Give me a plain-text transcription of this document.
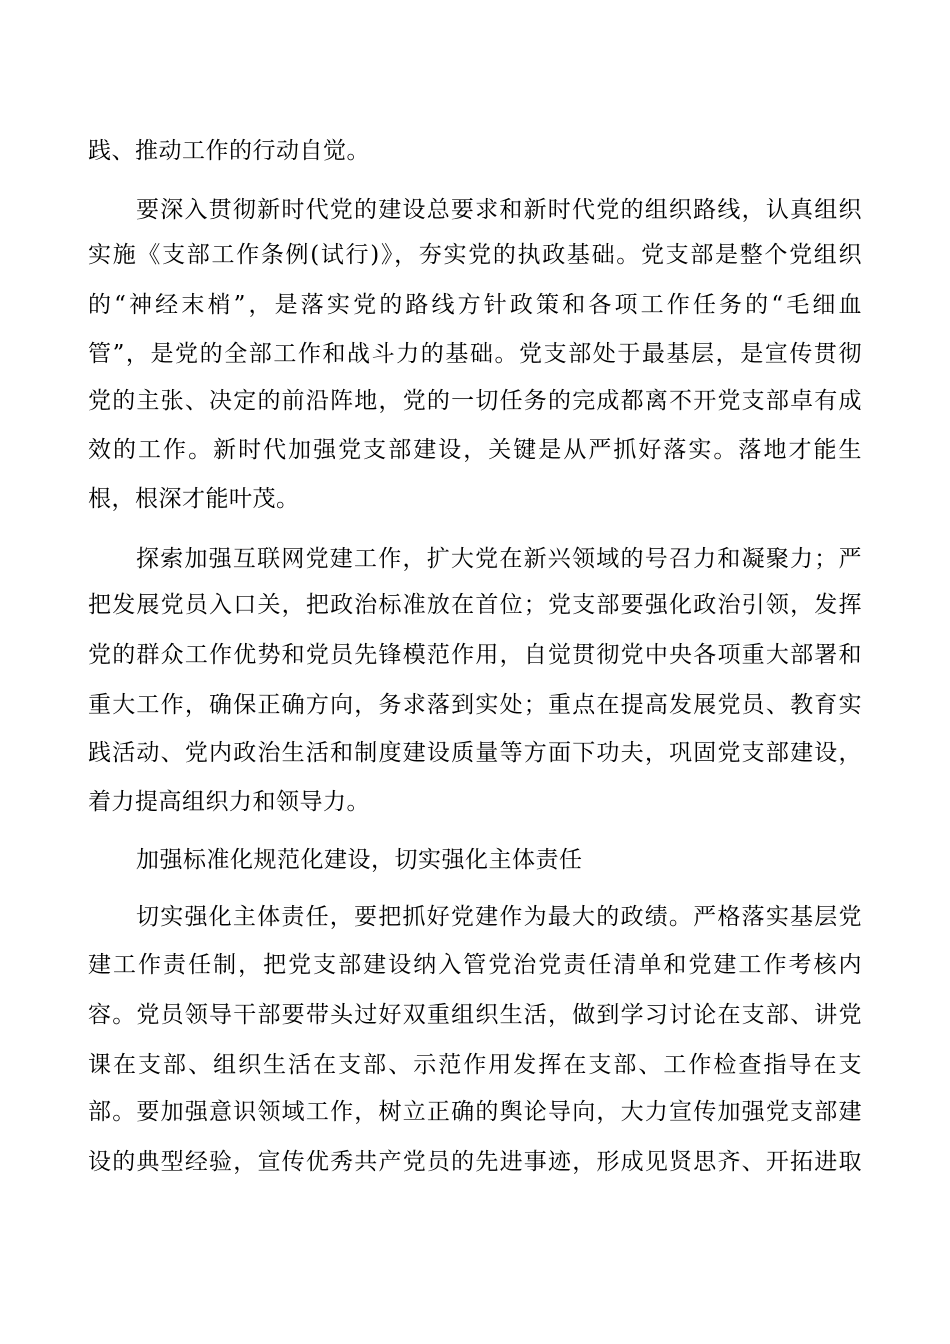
践、推动工作的行动自觉。
要深入贯彻新时代党的建设总要求和新时代党的组织路线，认真组织
实施《支部工作条例(试行)》，夯实党的执政基础。党支部是整个党组织
的“神经末梢”，是落实党的路线方针政策和各项工作任务的“毛细血
管”，是党的全部工作和战斗力的基础。党支部处于最基层，是宣传贯彻
党的主张、决定的前沿阵地，党的一切任务的完成都离不开党支部卓有成
效的工作。新时代加强党支部建设，关键是从严抓好落实。落地才能生
根，根深才能叶茂。
探索加强互联网党建工作，扩大党在新兴领域的号召力和凝聚力；严
把发展党员入口关，把政治标准放在首位；党支部要强化政治引领，发挥
党的群众工作优势和党员先锋模范作用，自觉贯彻党中央各项重大部署和
重大工作，确保正确方向，务求落到实处；重点在提高发展党员、教育实
践活动、党内政治生活和制度建设质量等方面下功夫，巩固党支部建设，
着力提高组织力和领导力。
加强标准化规范化建设，切实强化主体责任
切实强化主体责任，要把抓好党建作为最大的政绩。严格落实基层党
建工作责任制，把党支部建设纳入管党治党责任清单和党建工作考核内
容。党员领导干部要带头过好双重组织生活，做到学习讨论在支部、讲党
课在支部、组织生活在支部、示范作用发挥在支部、工作检查指导在支
部。要加强意识领域工作，树立正确的舆论导向，大力宣传加强党支部建
设的典型经验，宣传优秀共产党员的先进事迹，形成见贤思齐、开拓进取
